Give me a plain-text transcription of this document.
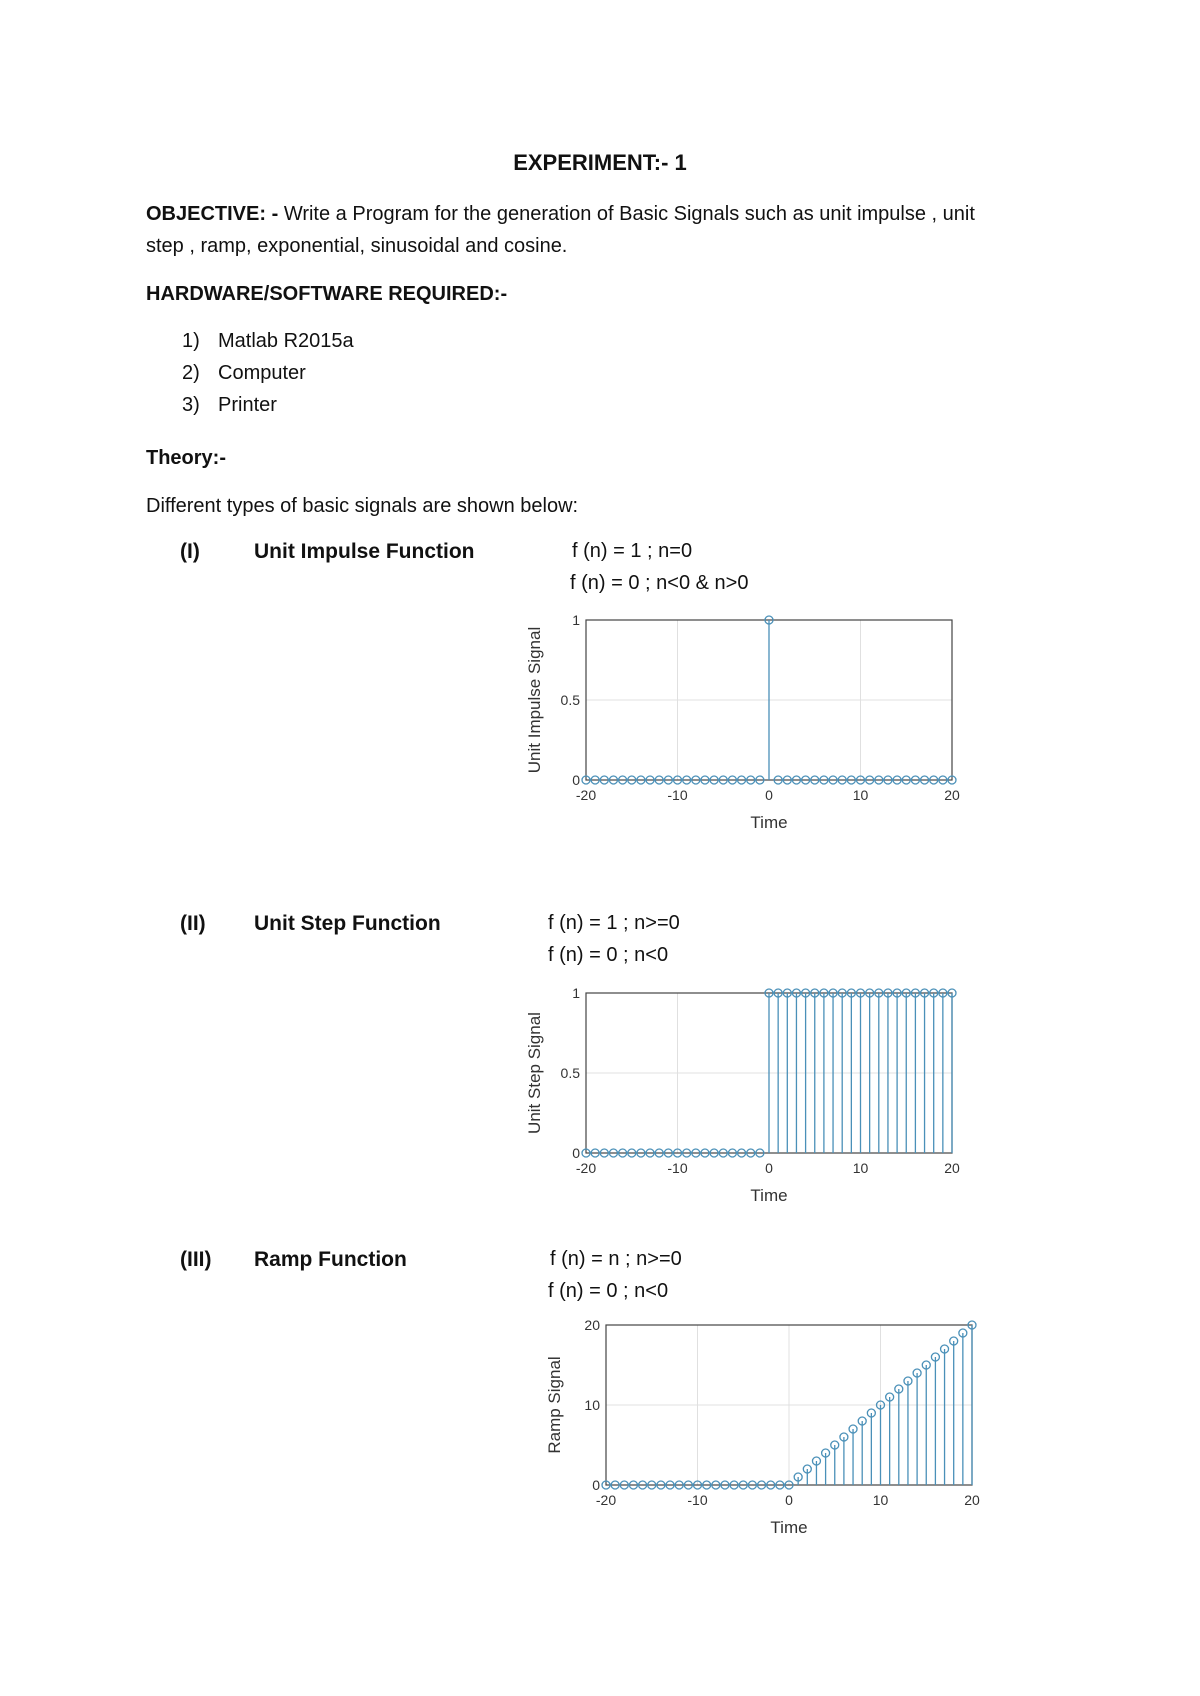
EXPERIMENT:- 1
OBJECTIVE: - Write a Program for the generation of Basic Signals such as unit impulse , unit
step , ramp, exponential, sinusoidal and cosine.
HARDWARE/SOFTWARE REQUIRED:-
1) Matlab R2015a
2) Computer
3) Printer
Theory:-
Different types of basic signals are shown below:
(I)	Unit Impulse Function	f (n) = 1 ; n=0
f (n) = 0 ; n<0 & n>0
-20	-10	0	10	20
0
0.5
1
Time
Unit Impulse Signal
(II) Unit Step Function	f (n) = 1 ; n>=0
f (n) = 0 ; n<0
-20	-10	0	10	20
0
0.5
1
Time
Unit Step Signal
(III) Ramp Function	f (n) = n ; n>=0
f (n) = 0 ; n<0
-20	-10	0	10	20
0
10
20
Time
Ramp Signal
